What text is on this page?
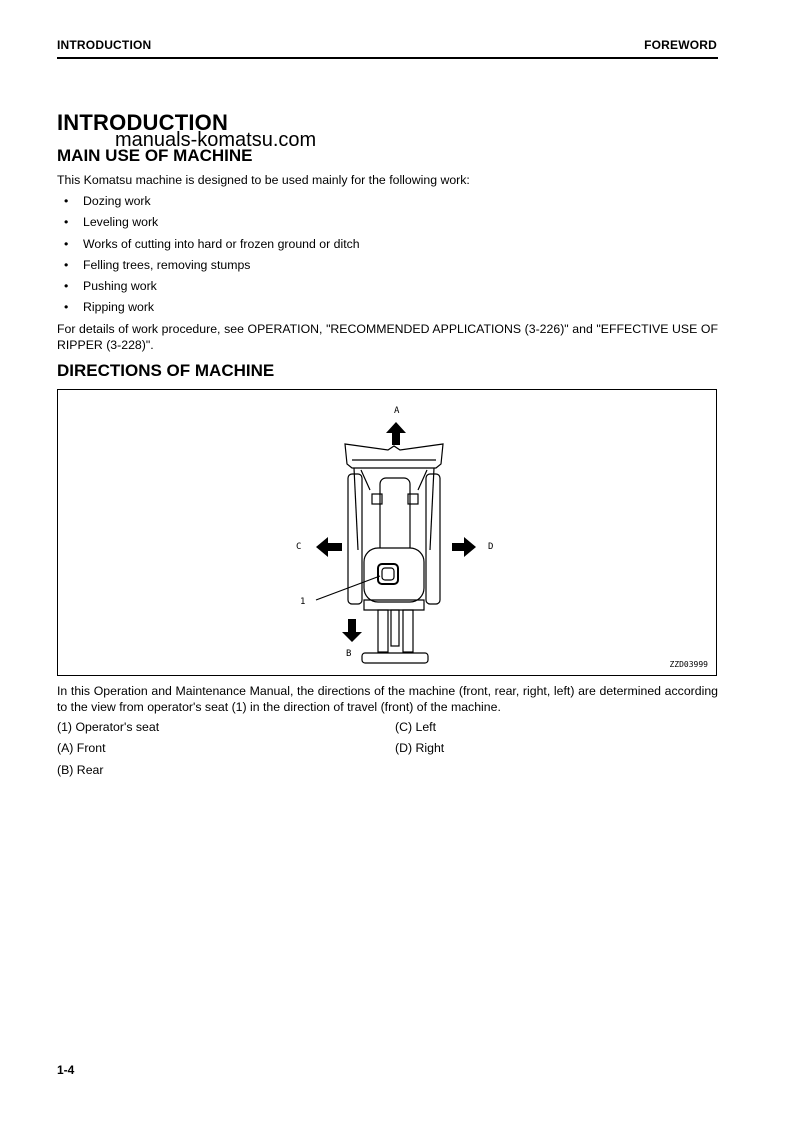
INTRODUCTION	FOREWORD
INTRODUCTION
manuals-komatsu.com
MAIN USE OF MACHINE

This Komatsu machine is designed to be used mainly for the following work:

• Dozing work
• Leveling work
• Works of cutting into hard or frozen ground or ditch
• Felling trees, removing stumps
• Pushing work
• Ripping work

For details of work procedure, see OPERATION, "RECOMMENDED APPLICATIONS (3-226)" and "EFFECTIVE USE OF RIPPER (3-228)".

DIRECTIONS OF MACHINE
A
B
C	D
1
ZZD03999

In this Operation and Maintenance Manual, the directions of the machine (front, rear, right, left) are determined according to the view from operator's seat (1) in the direction of travel (front) of the machine.

(1) Operator's seat
(A) Front
(B) Rear
(C) Left
(D) Right
1-4
